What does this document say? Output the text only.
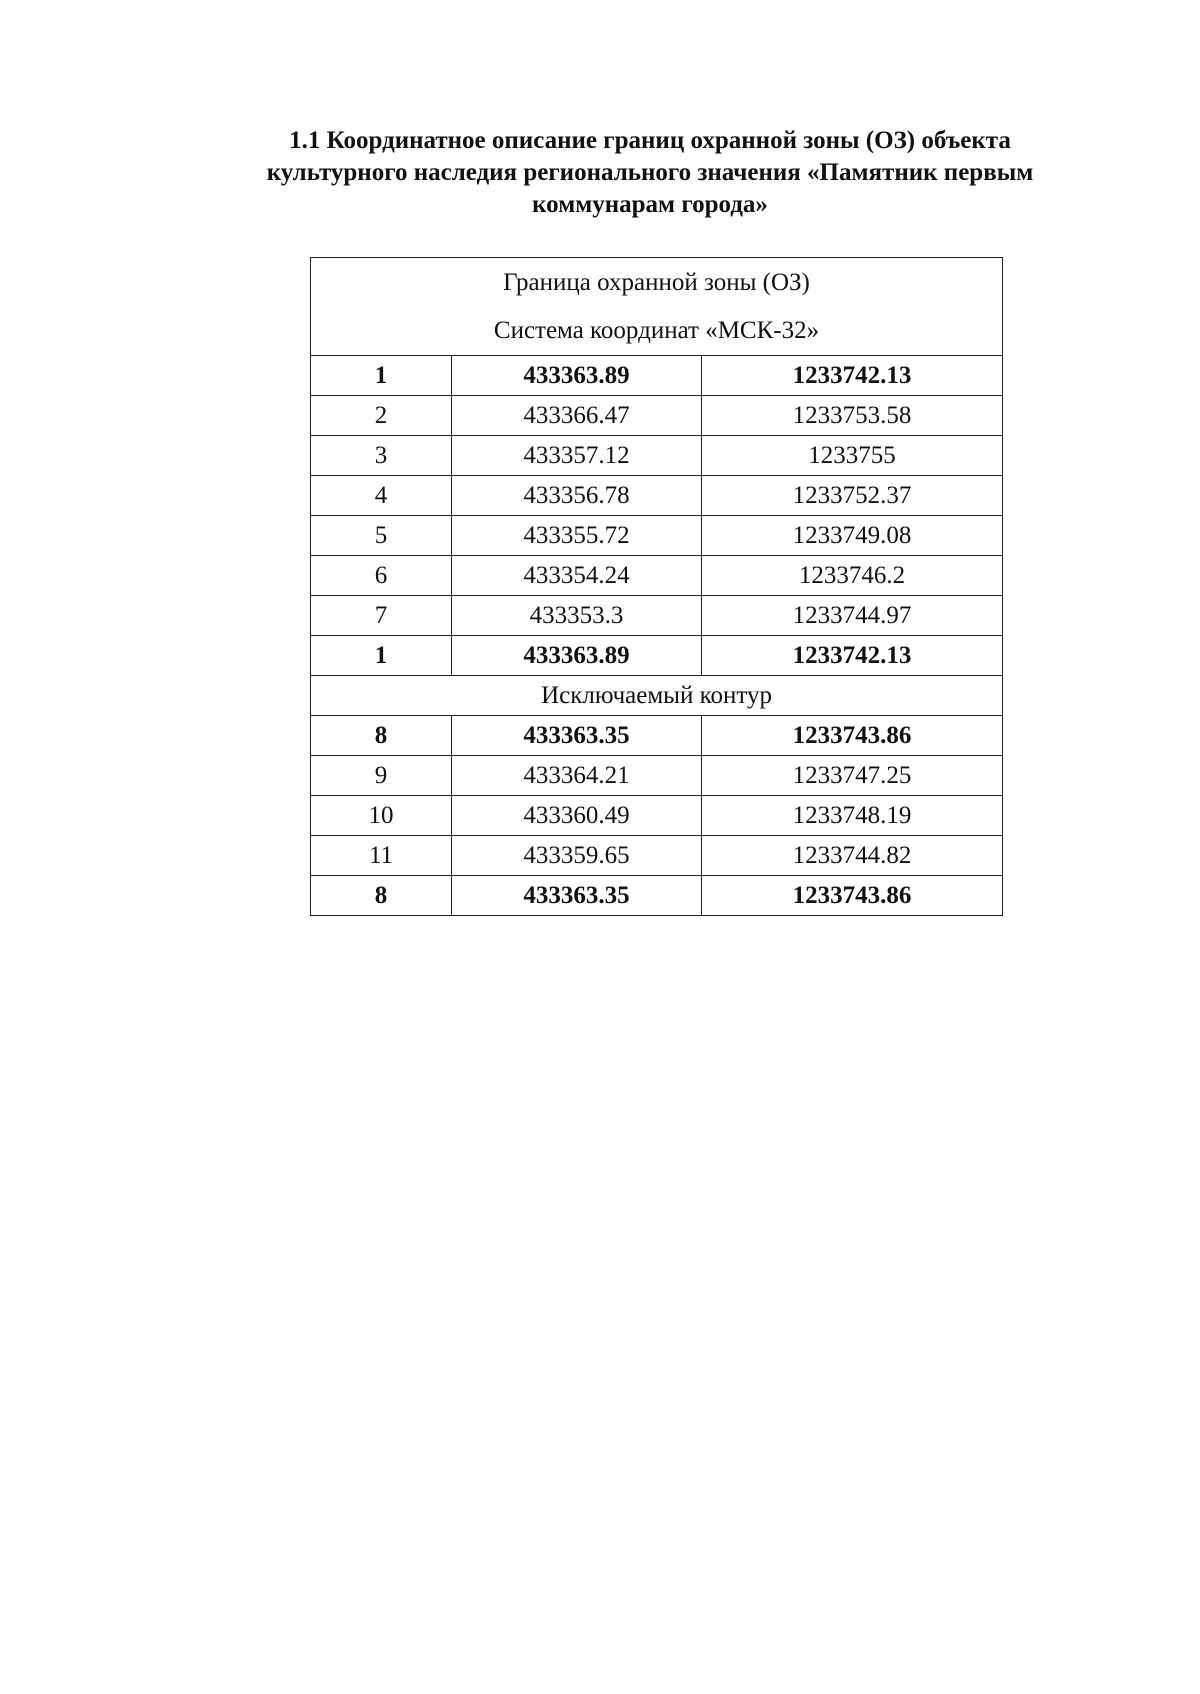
1.1 Координатное описание границ охранной зоны (ОЗ) объекта
культурного наследия регионального значения «Памятник первым
коммунарам города»
Граница охранной зоны (ОЗ)
Система координат «МСК-32»		

1	433363.89	1233742.13
2	433366.47	1233753.58
3	433357.12	1233755
4	433356.78	1233752.37
5	433355.72	1233749.08
6	433354.24	1233746.2
7	433353.3	1233744.97
1	433363.89	1233742.13
Исключаемый контур		
8	433363.35	1233743.86
9	433364.21	1233747.25
10	433360.49	1233748.19
11	433359.65	1233744.82
8	433363.35	1233743.86
